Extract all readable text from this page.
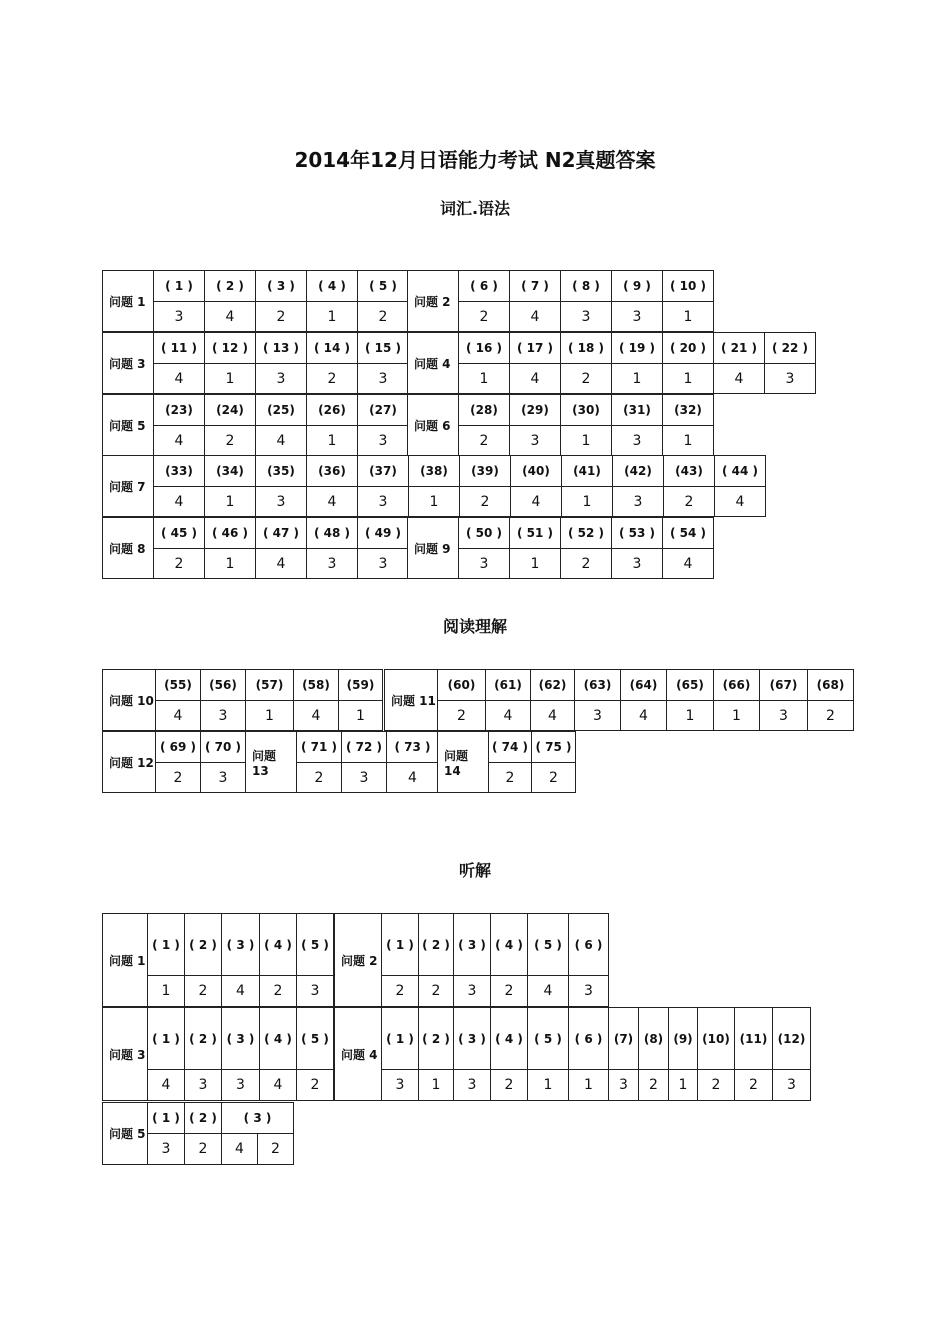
2014年12月日语能力考试 N2真题答案
词汇.语法
阅读理解
听解
问题 1
( 1 )
3
( 2 )
4
( 3 )
2
( 4 )
1
( 5 )
2
问题 2
( 6 )
2
( 7 )
4
( 8 )
3
( 9 )
3
( 10 )
1
问题 3
( 11 )
4
( 12 )
1
( 13 )
3
( 14 )
2
( 15 )
3
问题 4
( 16 )
1
( 17 )
4
( 18 )
2
( 19 )
1
( 20 )
1
( 21 )
4
( 22 )
3
问题 5
(23)
4
(24)
2
(25)
4
(26)
1
(27)
3
问题 6
(28)
2
(29)
3
(30)
1
(31)
3
(32)
1
问题 7
(33)
4
(34)
1
(35)
3
(36)
4
(37)
3
(38)
1
(39)
2
(40)
4
(41)
1
(42)
3
(43)
2
( 44 )
4
问题 8
( 45 )
2
( 46 )
1
( 47 )
4
( 48 )
3
( 49 )
3
问题 9
( 50 )
3
( 51 )
1
( 52 )
2
( 53 )
3
( 54 )
4
问题 10
(55)
4
(56)
3
(57)
1
(58)
4
(59)
1
问题 11
(60)
2
(61)
4
(62)
4
(63)
3
(64)
4
(65)
1
(66)
1
(67)
3
(68)
2
问题 12
( 69 )
2
( 70 )
3
问题 13
( 71 )
2
( 72 )
3
( 73 )
4
问题 14
( 74 )
2
( 75 )
2
问题 1
( 1 )
1
( 2 )
2
( 3 )
4
( 4 )
2
( 5 )
3
问题 2
( 1 )
2
( 2 )
2
( 3 )
3
( 4 )
2
( 5 )
4
( 6 )
3
问题 3
( 1 )
4
( 2 )
3
( 3 )
3
( 4 )
4
( 5 )
2
问题 4
( 1 )
3
( 2 )
1
( 3 )
3
( 4 )
2
( 5 )
1
( 6 )
1
(7)
3
(8)
2
(9)
1
(10)
2
(11)
2
(12)
3
问题 5
( 1 )
3
( 2 )
2
( 3 )
4	2
